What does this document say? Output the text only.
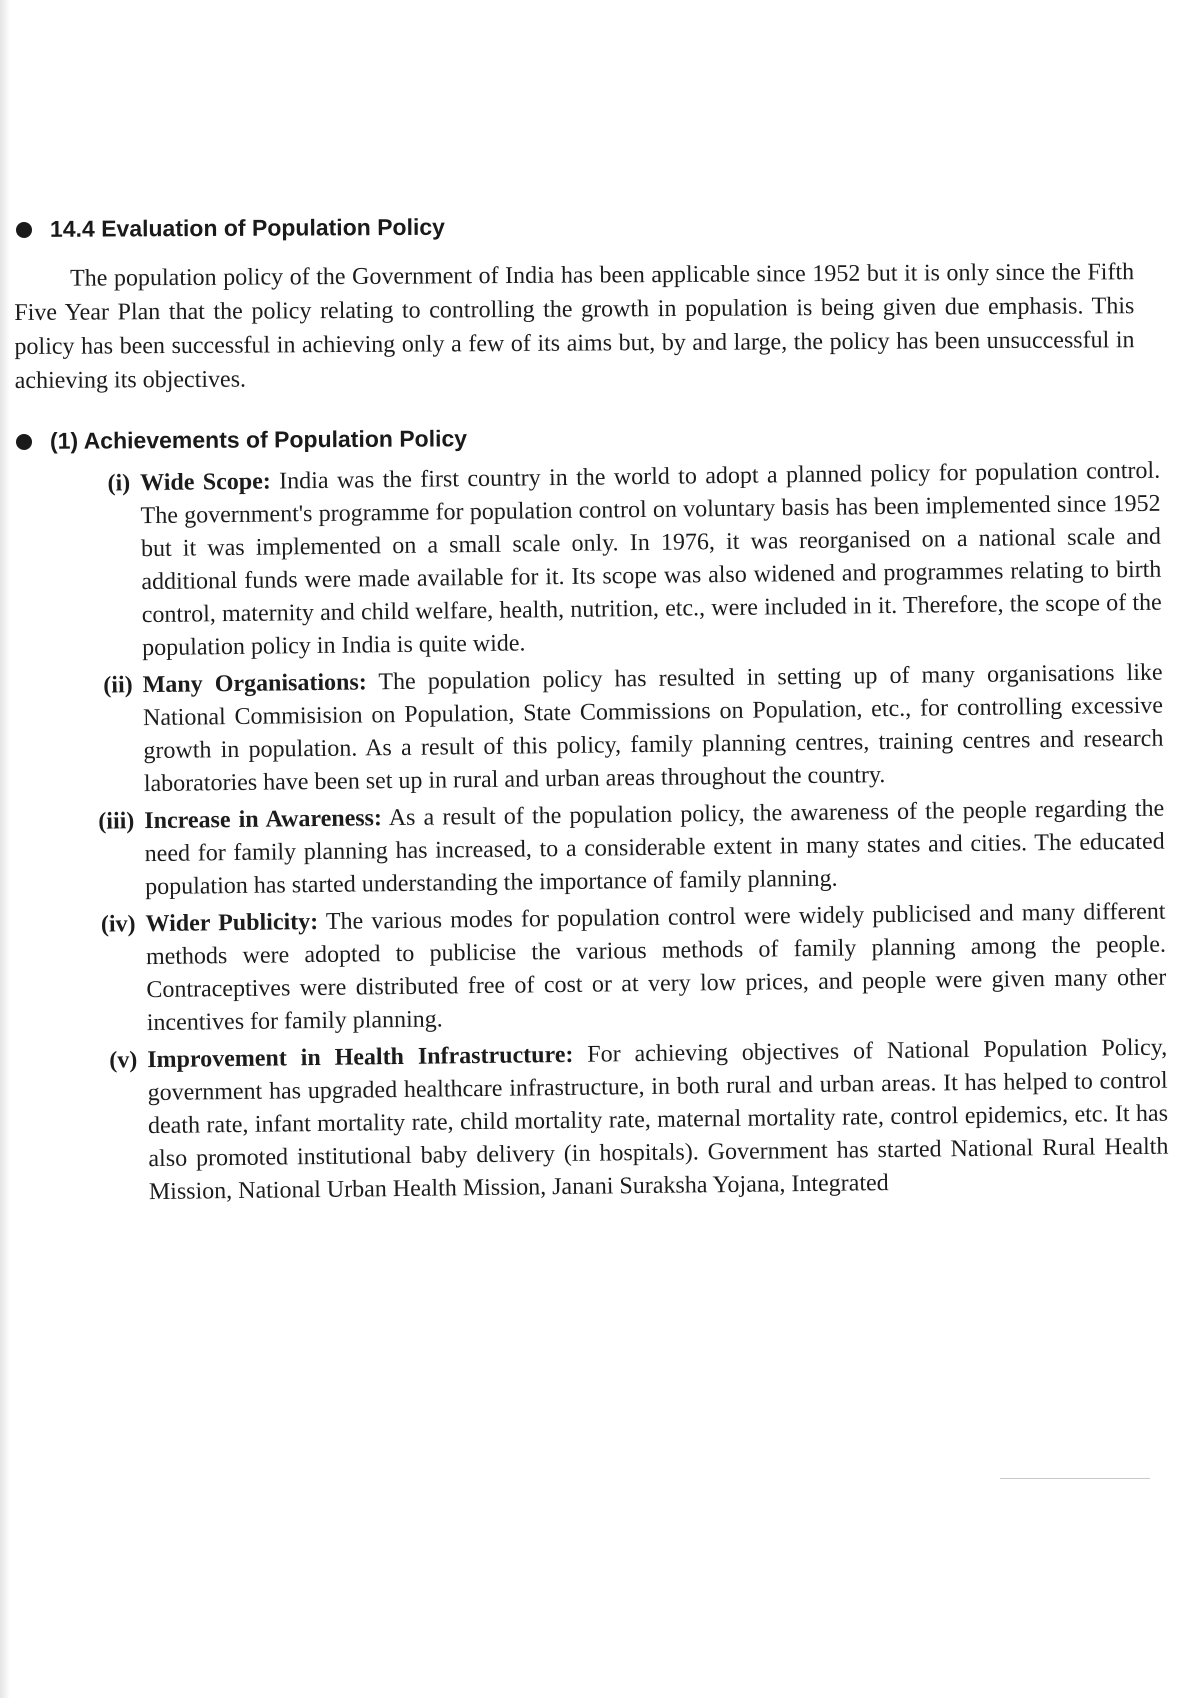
14.4 Evaluation of Population Policy

The population policy of the Government of India has been applicable since 1952 but it is only since the Fifth Five Year Plan that the policy relating to controlling the growth in population is being given due emphasis. This policy has been successful in achieving only a few of its aims but, by and large, the policy has been unsuccessful in achieving its objectives.

(1) Achievements of Population Policy
(i) Wide Scope: India was the first country in the world to adopt a planned policy for population control. The government's programme for population control on voluntary basis has been implemented since 1952 but it was implemented on a small scale only. In 1976, it was reorganised on a national scale and additional funds were made available for it. Its scope was also widened and programmes relating to birth control, maternity and child welfare, health, nutrition, etc., were included in it. Therefore, the scope of the population policy in India is quite wide.

(ii) Many Organisations: The population policy has resulted in setting up of many organisations like National Commisision on Population, State Commissions on Population, etc., for controlling excessive growth in population. As a result of this policy, family planning centres, training centres and research laboratories have been set up in rural and urban areas throughout the country.

(iii) Increase in Awareness: As a result of the population policy, the awareness of the people regarding the need for family planning has increased, to a considerable extent in many states and cities. The educated population has started understanding the importance of family planning.

(iv) Wider Publicity: The various modes for population control were widely publicised and many different methods were adopted to publicise the various methods of family planning among the people. Contraceptives were distributed free of cost or at very low prices, and people were given many other incentives for family planning.

(v) Improvement in Health Infrastructure: For achieving objectives of National Population Policy, government has upgraded healthcare infrastructure, in both rural and urban areas. It has helped to control death rate, infant mortality rate, child mortality rate, maternal mortality rate, control epidemics, etc. It has also promoted institutional baby delivery (in hospitals). Government has started National Rural Health Mission, National Urban Health Mission, Janani Suraksha Yojana, Integrated
